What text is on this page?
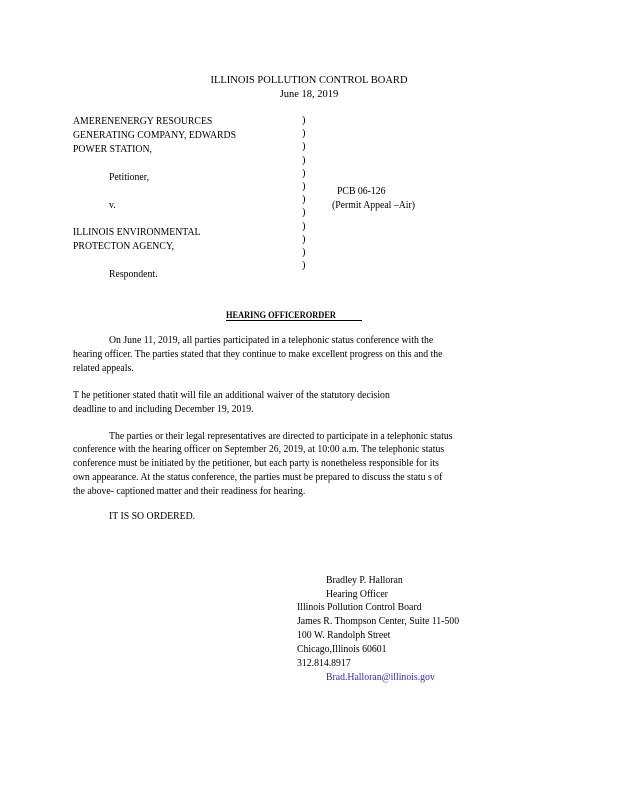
ILLINOIS POLLUTION CONTROL BOARD
June 18, 2019
AMERENENERGY RESOURCES
GENERATING COMPANY, EDWARDS
POWER STATION,
Petitioner,
v.
ILLINOIS ENVIRONMENTAL
PROTECTON AGENCY,
Respondent.
)
)
)
)
)
)
)
)
)
)
)
)
PCB 06-126
(Permit Appeal –Air)
HEARING OFFICERORDER
On June 11, 2019, all parties participated in a telephonic status conference with the
hearing officer. The parties stated that they continue to make excellent progress on this and the
related appeals.
T he petitioner stated thatit will file an additional waiver of the statutory decision
deadline to and including December 19, 2019.
The parties or their legal representatives are directed to participate in a telephonic status
conference with the hearing officer on September 26, 2019, at 10:00 a.m. The telephonic status
conference must be initiated by the petitioner, but each party is nonetheless responsible for its
own appearance. At the status conference, the parties must be prepared to discuss the statu s of
the above- captioned matter and their readiness for hearing.
IT IS SO ORDERED.
Bradley P. Halloran
Hearing Officer
Illinois Pollution Control Board
James R. Thompson Center, Suite 11-500
100 W. Randolph Street
Chicago,Illinois 60601
312.814.8917
Brad.Halloran@illinois.gov
